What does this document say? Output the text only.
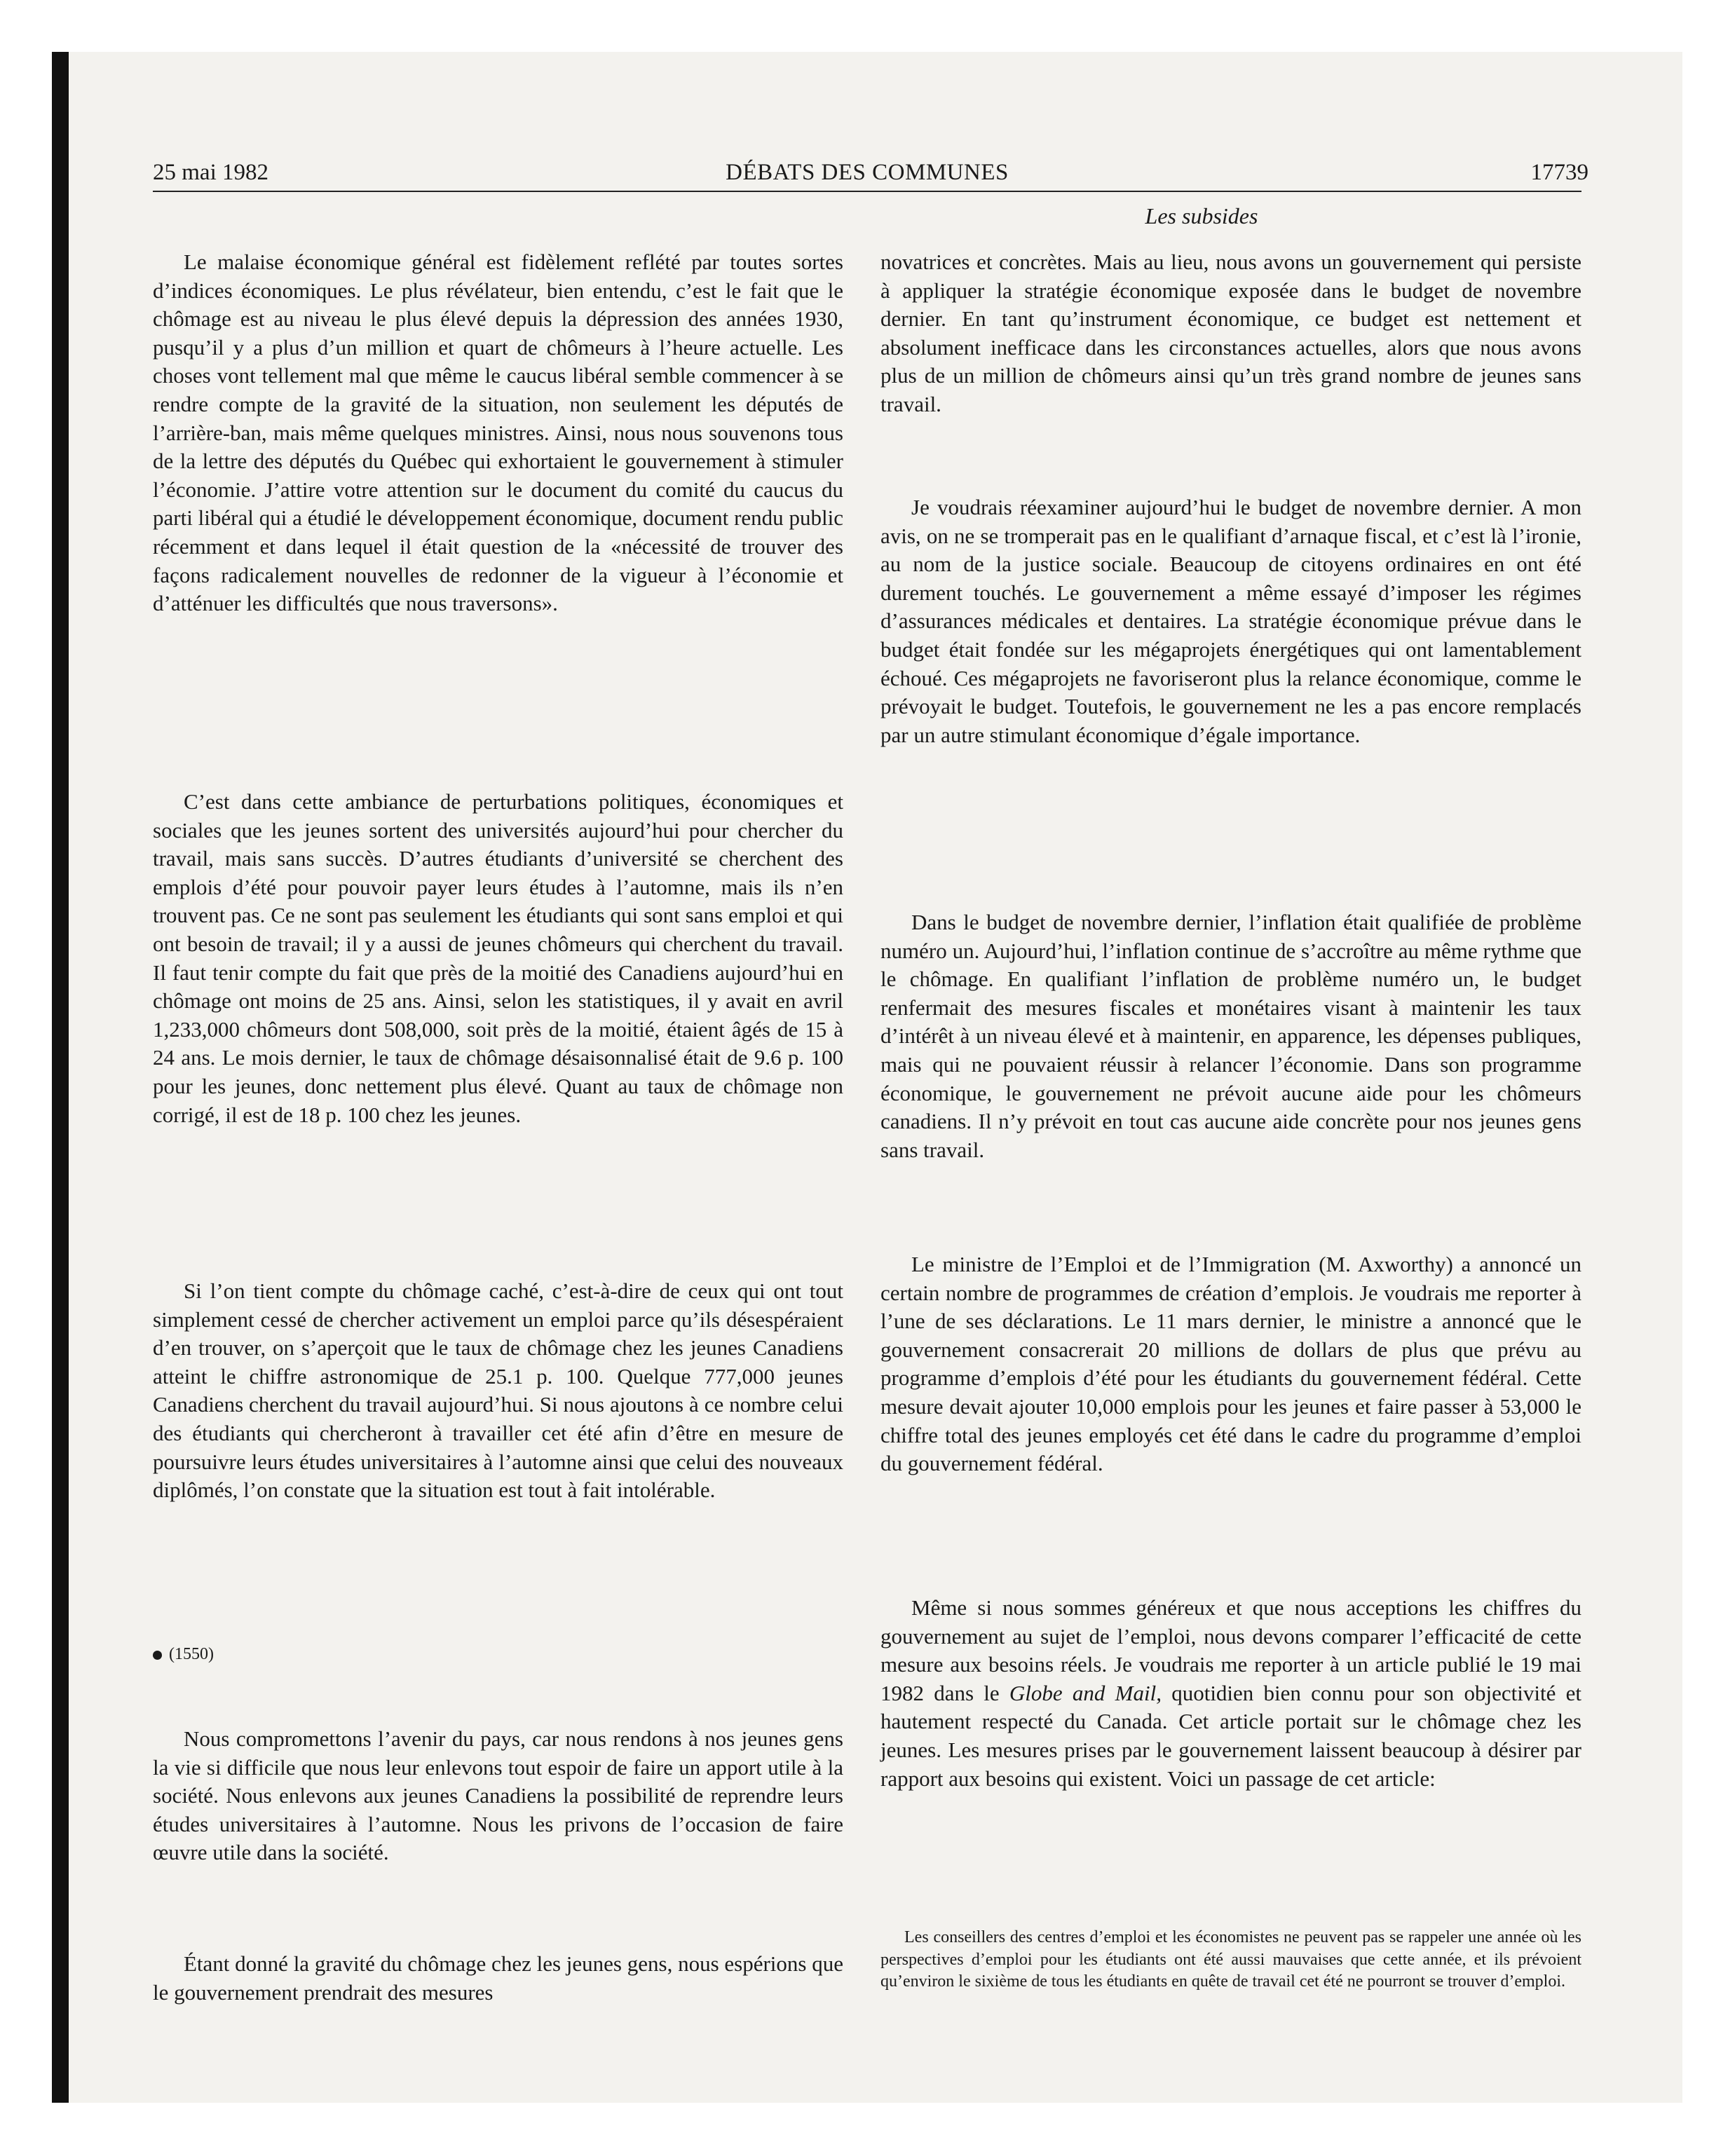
25 mai 1982	DÉBATS DES COMMUNES	17739
Les subsides

Le malaise économique général est fidèlement reflété par toutes sortes d’indices économiques. Le plus révélateur, bien entendu, c’est le fait que le chômage est au niveau le plus élevé depuis la dépression des années 1930, pusqu’il y a plus d’un million et quart de chômeurs à l’heure actuelle. Les choses vont tellement mal que même le caucus libéral semble commencer à se rendre compte de la gravité de la situation, non seulement les députés de l’arrière-ban, mais même quelques ministres. Ainsi, nous nous souvenons tous de la lettre des députés du Québec qui exhortaient le gouvernement à stimuler l’économie. J’attire votre attention sur le document du comité du caucus du parti libéral qui a étudié le développement économique, document rendu public récemment et dans lequel il était question de la «nécessité de trouver des façons radicalement nouvelles de redonner de la vigueur à l’économie et d’atténuer les difficultés que nous traversons».

C’est dans cette ambiance de perturbations politiques, économiques et sociales que les jeunes sortent des universités aujourd’hui pour chercher du travail, mais sans succès. D’autres étudiants d’université se cherchent des emplois d’été pour pouvoir payer leurs études à l’automne, mais ils n’en trouvent pas. Ce ne sont pas seulement les étudiants qui sont sans emploi et qui ont besoin de travail; il y a aussi de jeunes chômeurs qui cherchent du travail. Il faut tenir compte du fait que près de la moitié des Canadiens aujourd’hui en chômage ont moins de 25 ans. Ainsi, selon les statistiques, il y avait en avril 1,233,000 chômeurs dont 508,000, soit près de la moitié, étaient âgés de 15 à 24 ans. Le mois dernier, le taux de chômage désaisonnalisé était de 9.6 p. 100 pour les jeunes, donc nettement plus élevé. Quant au taux de chômage non corrigé, il est de 18 p. 100 chez les jeunes.

Si l’on tient compte du chômage caché, c’est-à-dire de ceux qui ont tout simplement cessé de chercher activement un emploi parce qu’ils désespéraient d’en trouver, on s’aperçoit que le taux de chômage chez les jeunes Canadiens atteint le chiffre astronomique de 25.1 p. 100. Quelque 777,000 jeunes Canadiens cherchent du travail aujourd’hui. Si nous ajoutons à ce nombre celui des étudiants qui chercheront à travailler cet été afin d’être en mesure de poursuivre leurs études universitaires à l’automne ainsi que celui des nouveaux diplômés, l’on constate que la situation est tout à fait intolérable.

(1550)

Nous compromettons l’avenir du pays, car nous rendons à nos jeunes gens la vie si difficile que nous leur enlevons tout espoir de faire un apport utile à la société. Nous enlevons aux jeunes Canadiens la possibilité de reprendre leurs études universitaires à l’automne. Nous les privons de l’occasion de faire œuvre utile dans la société.

Étant donné la gravité du chômage chez les jeunes gens, nous espérions que le gouvernement prendrait des mesures

novatrices et concrètes. Mais au lieu, nous avons un gouvernement qui persiste à appliquer la stratégie économique exposée dans le budget de novembre dernier. En tant qu’instrument économique, ce budget est nettement et absolument inefficace dans les circonstances actuelles, alors que nous avons plus de un million de chômeurs ainsi qu’un très grand nombre de jeunes sans travail.

Je voudrais réexaminer aujourd’hui le budget de novembre dernier. A mon avis, on ne se tromperait pas en le qualifiant d’arnaque fiscal, et c’est là l’ironie, au nom de la justice sociale. Beaucoup de citoyens ordinaires en ont été durement touchés. Le gouvernement a même essayé d’imposer les régimes d’assurances médicales et dentaires. La stratégie économique prévue dans le budget était fondée sur les mégaprojets énergétiques qui ont lamentablement échoué. Ces mégaprojets ne favoriseront plus la relance économique, comme le prévoyait le budget. Toutefois, le gouvernement ne les a pas encore remplacés par un autre stimulant économique d’égale importance.

Dans le budget de novembre dernier, l’inflation était qualifiée de problème numéro un. Aujourd’hui, l’inflation continue de s’accroître au même rythme que le chômage. En qualifiant l’inflation de problème numéro un, le budget renfermait des mesures fiscales et monétaires visant à maintenir les taux d’intérêt à un niveau élevé et à maintenir, en apparence, les dépenses publiques, mais qui ne pouvaient réussir à relancer l’économie. Dans son programme économique, le gouvernement ne prévoit aucune aide pour les chômeurs canadiens. Il n’y prévoit en tout cas aucune aide concrète pour nos jeunes gens sans travail.

Le ministre de l’Emploi et de l’Immigration (M. Axworthy) a annoncé un certain nombre de programmes de création d’emplois. Je voudrais me reporter à l’une de ses déclarations. Le 11 mars dernier, le ministre a annoncé que le gouvernement consacrerait 20 millions de dollars de plus que prévu au programme d’emplois d’été pour les étudiants du gouvernement fédéral. Cette mesure devait ajouter 10,000 emplois pour les jeunes et faire passer à 53,000 le chiffre total des jeunes employés cet été dans le cadre du programme d’emploi du gouvernement fédéral.

Même si nous sommes généreux et que nous acceptions les chiffres du gouvernement au sujet de l’emploi, nous devons comparer l’efficacité de cette mesure aux besoins réels. Je voudrais me reporter à un article publié le 19 mai 1982 dans le Globe and Mail, quotidien bien connu pour son objectivité et hautement respecté du Canada. Cet article portait sur le chômage chez les jeunes. Les mesures prises par le gouvernement laissent beaucoup à désirer par rapport aux besoins qui existent. Voici un passage de cet article:

Les conseillers des centres d’emploi et les économistes ne peuvent pas se rappeler une année où les perspectives d’emploi pour les étudiants ont été aussi mauvaises que cette année, et ils prévoient qu’environ le sixième de tous les étudiants en quête de travail cet été ne pourront se trouver d’emploi.
